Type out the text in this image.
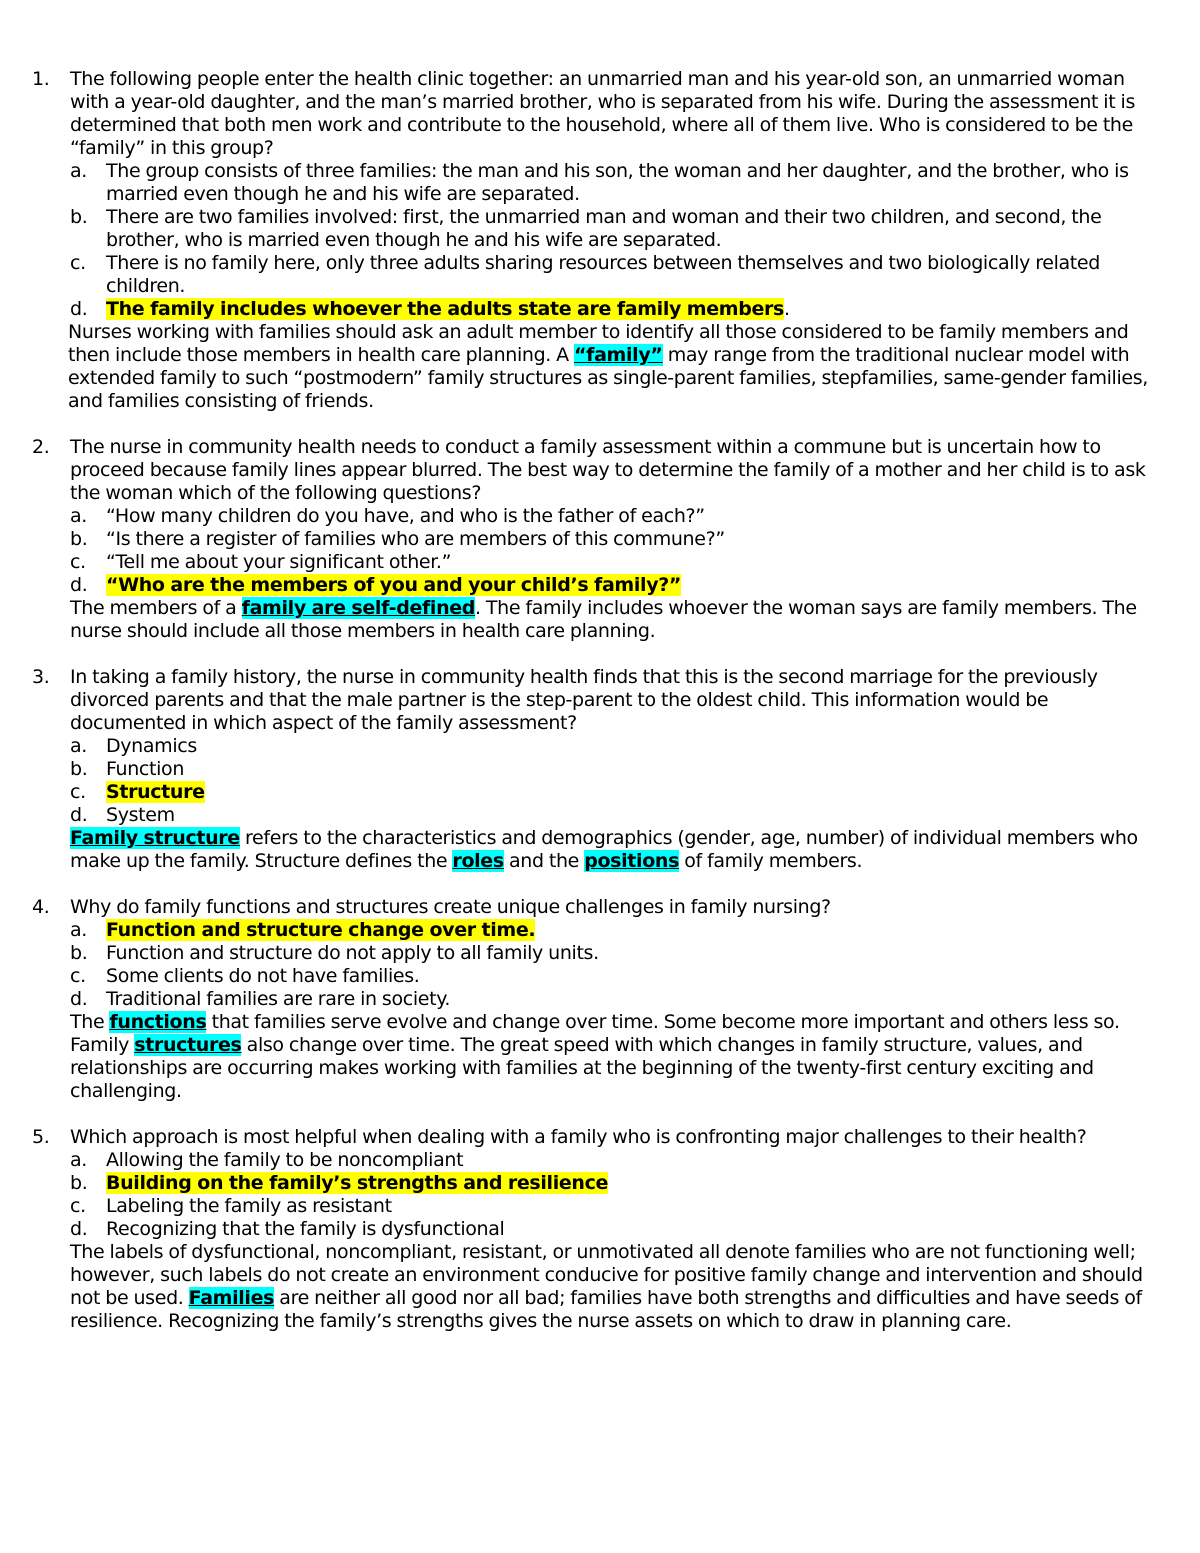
1.	The following people enter the health clinic together: an unmarried man and his year-old son, an unmarried woman with a year-old daughter, and the man’s married brother, who is separated from his wife. During the assessment it is determined that both men work and contribute to the household, where all of them live. Who is considered to be the “family” in this group?
a.	The group consists of three families: the man and his son, the woman and her daughter, and the brother, who is married even though he and his wife are separated.
b. There are two families involved: first, the unmarried man and woman and their two children, and second, the brother, who is married even though he and his wife are separated.
c.	There is no family here, only three adults sharing resources between themselves and two biologically related children.
d. The family includes whoever the adults state are family members.
Nurses working with families should ask an adult member to identify all those considered to be family members and then include those members in health care planning. A “family” may range from the traditional nuclear model with extended family to such “postmodern” family structures as single-parent families, stepfamilies, same-gender families, and families consisting of friends.
2.	The nurse in community health needs to conduct a family assessment within a commune but is uncertain how to proceed because family lines appear blurred. The best way to determine the family of a mother and her child is to ask the woman which of the following questions?
a.	“How many children do you have, and who is the father of each?”
b. “Is there a register of families who are members of this commune?”
c.	“Tell me about your significant other.”
d. “Who are the members of you and your child’s family?”
The members of a family are self-defined. The family includes whoever the woman says are family members. The nurse should include all those members in health care planning.
3.	In taking a family history, the nurse in community health finds that this is the second marriage for the previously divorced parents and that the male partner is the step-parent to the oldest child. This information would be documented in which aspect of the family assessment?
a.	Dynamics
b. Function
c.	Structure
d. System
Family structure refers to the characteristics and demographics (gender, age, number) of individual members who make up the family. Structure defines the roles and the positions of family members.
4.	Why do family functions and structures create unique challenges in family nursing?
a.	Function and structure change over time.
b. Function and structure do not apply to all family units.
c.	Some clients do not have families.
d. Traditional families are rare in society.
The functions that families serve evolve and change over time. Some become more important and others less so. Family structures also change over time. The great speed with which changes in family structure, values, and relationships are occurring makes working with families at the beginning of the twenty-first century exciting and challenging.
5.	Which approach is most helpful when dealing with a family who is confronting major challenges to their health?
a.	Allowing the family to be noncompliant
b. Building on the family’s strengths and resilience
c.	Labeling the family as resistant
d. Recognizing that the family is dysfunctional
The labels of dysfunctional, noncompliant, resistant, or unmotivated all denote families who are not functioning well; however, such labels do not create an environment conducive for positive family change and intervention and should not be used. Families are neither all good nor all bad; families have both strengths and difficulties and have seeds of resilience. Recognizing the family’s strengths gives the nurse assets on which to draw in planning care.
